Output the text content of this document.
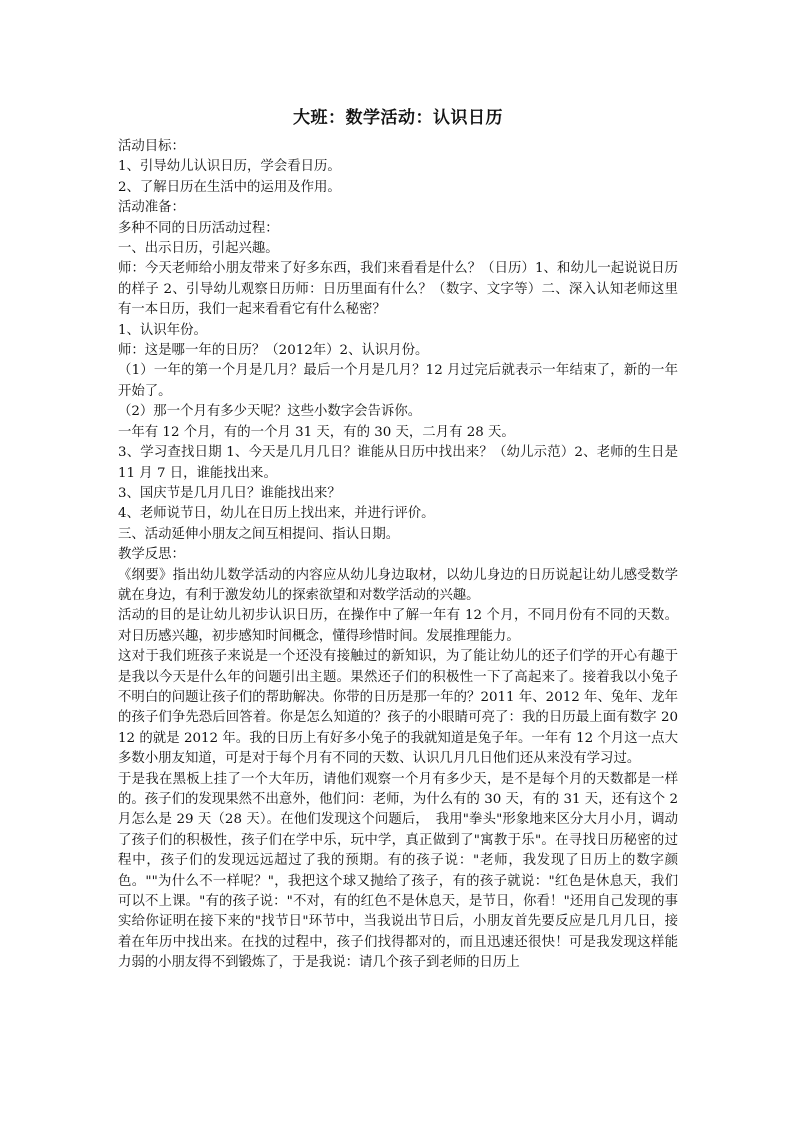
大班：数学活动：认识日历

活动目标：

1、引导幼儿认识日历，学会看日历。

2、了解日历在生活中的运用及作用。

活动准备：

多种不同的日历活动过程：

一、出示日历，引起兴趣。

师：今天老师给小朋友带来了好多东西，我们来看看是什么？（日历）1、和幼儿一起说说日历的样子 2、引导幼儿观察日历师：日历里面有什么？（数字、文字等）二、深入认知老师这里有一本日历，我们一起来看看它有什么秘密？

1、认识年份。

师：这是哪一年的日历？（2012年）2、认识月份。

（1）一年的第一个月是几月？最后一个月是几月？12 月过完后就表示一年结束了，新的一年开始了。

（2）那一个月有多少天呢？这些小数字会告诉你。

一年有 12 个月，有的一个月 31 天，有的 30 天，二月有 28 天。

3、学习查找日期 1、今天是几月几日？谁能从日历中找出来？（幼儿示范）2、老师的生日是 11 月 7 日，谁能找出来。

3、国庆节是几月几日？谁能找出来？

4、老师说节日，幼儿在日历上找出来，并进行评价。

三、活动延伸小朋友之间互相提问、指认日期。

教学反思：

《纲要》指出幼儿数学活动的内容应从幼儿身边取材，以幼儿身边的日历说起让幼儿感受数学就在身边，有利于激发幼儿的探索欲望和对数学活动的兴趣。

活动的目的是让幼儿初步认识日历，在操作中了解一年有 12 个月，不同月份有不同的天数。对日历感兴趣，初步感知时间概念，懂得珍惜时间。发展推理能力。

这对于我们班孩子来说是一个还没有接触过的新知识，为了能让幼儿的还子们学的开心有趣于是我以今天是什么年的问题引出主题。果然还子们的积极性一下了高起来了。接着我以小兔子不明白的问题让孩子们的帮助解决。你带的日历是那一年的？2011 年、2012 年、兔年、龙年的孩子们争先恐后回答着。你是怎么知道的？孩子的小眼睛可亮了：我的日历最上面有数字 2012 的就是 2012 年。我的日历上有好多小兔子的我就知道是兔子年。一年有 12 个月这一点大多数小朋友知道，可是对于每个月有不同的天数、认识几月几日他们还从来没有学习过。

于是我在黑板上挂了一个大年历，请他们观察一个月有多少天，是不是每个月的天数都是一样的。孩子们的发现果然不出意外，他们问：老师，为什么有的 30 天，有的 31 天，还有这个 2 月怎么是 29 天（28 天）。在他们发现这个问题后，　我用"拳头"形象地来区分大月小月，调动了孩子们的积极性，孩子们在学中乐，玩中学，真正做到了"寓教于乐"。在寻找日历秘密的过程中，孩子们的发现远远超过了我的预期。有的孩子说："老师，我发现了日历上的数字颜色。""为什么不一样呢？"，我把这个球又抛给了孩子，有的孩子就说："红色是休息天，我们可以不上课。"有的孩子说："不对，有的红色不是休息天，是节日，你看！"还用自己发现的事实给你证明在接下来的"找节日"环节中，当我说出节日后，小朋友首先要反应是几月几日，接着在年历中找出来。在找的过程中，孩子们找得都对的，而且迅速还很快！可是我发现这样能力弱的小朋友得不到锻炼了，于是我说：请几个孩子到老师的日历上
